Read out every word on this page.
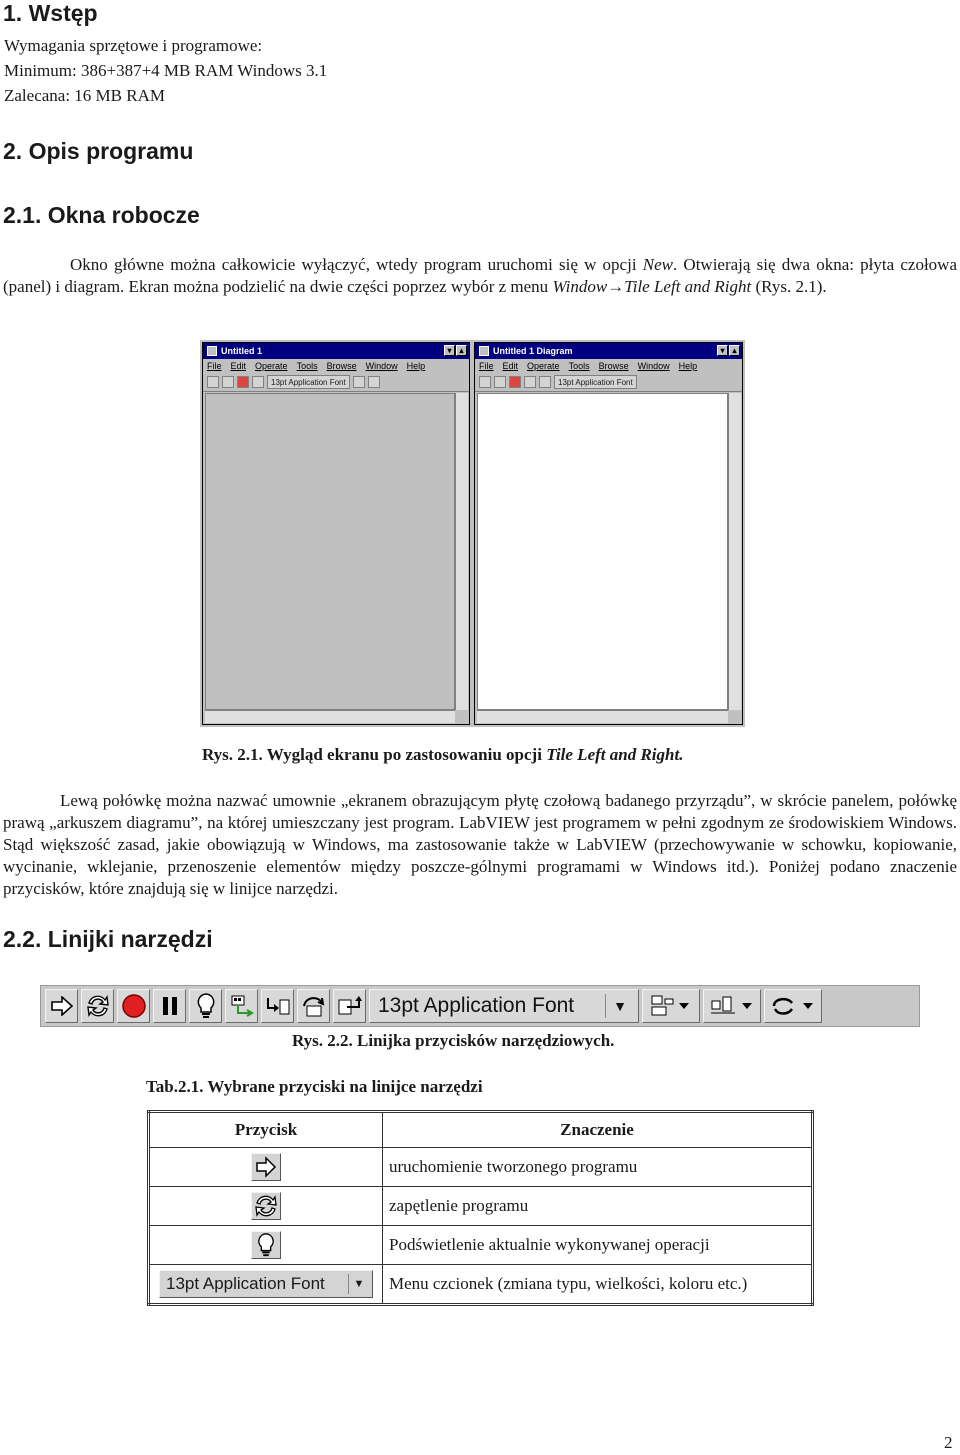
1. Wstęp
Wymagania sprzętowe i programowe:
Minimum: 386+387+4 MB RAM Windows 3.1
Zalecana: 16 MB RAM
2. Opis programu
2.1. Okna robocze
Okno główne można całkowicie wyłączyć, wtedy program uruchomi się w opcji New. Otwierają się dwa okna: płyta czołowa (panel) i diagram. Ekran można podzielić na dwie części poprzez wybór z menu Window→Tile Left and Right (Rys. 2.1).
Untitled 1	▾ ▴
File Edit Operate Tools Browse Window Help
13pt Application Font
Untitled 1 Diagram	▾ ▴
File Edit Operate Tools Browse Window Help
13pt Application Font
Rys. 2.1. Wygląd ekranu po zastosowaniu opcji Tile Left and Right.
Lewą połówkę można nazwać umownie „ekranem obrazującym płytę czołową badanego przyrządu”, w skrócie panelem, połówkę prawą „arkuszem diagramu”, na której umieszczany jest program. LabVIEW jest programem w pełni zgodnym ze środowiskiem Windows. Stąd większość zasad, jakie obowiązują w Windows, ma zastosowanie także w LabVIEW (przechowywanie w schowku, kopiowanie, wycinanie, wklejanie, przenoszenie elementów między poszcze-gólnymi programami w Windows itd.). Poniżej podano znaczenie przycisków, które znajdują się w linijce narzędzi.
2.2. Linijki narzędzi
13pt Application Font	▼
Rys. 2.2. Linijka przycisków narzędziowych.
Tab.2.1. Wybrane przyciski na linijce narzędzi
Przycisk	Znaczenie
	uruchomienie tworzonego programu
	zapętlenie programu
	Podświetlenie aktualnie wykonywanej operacji
13pt Application Font ▼	Menu czcionek (zmiana typu, wielkości, koloru etc.)
2
